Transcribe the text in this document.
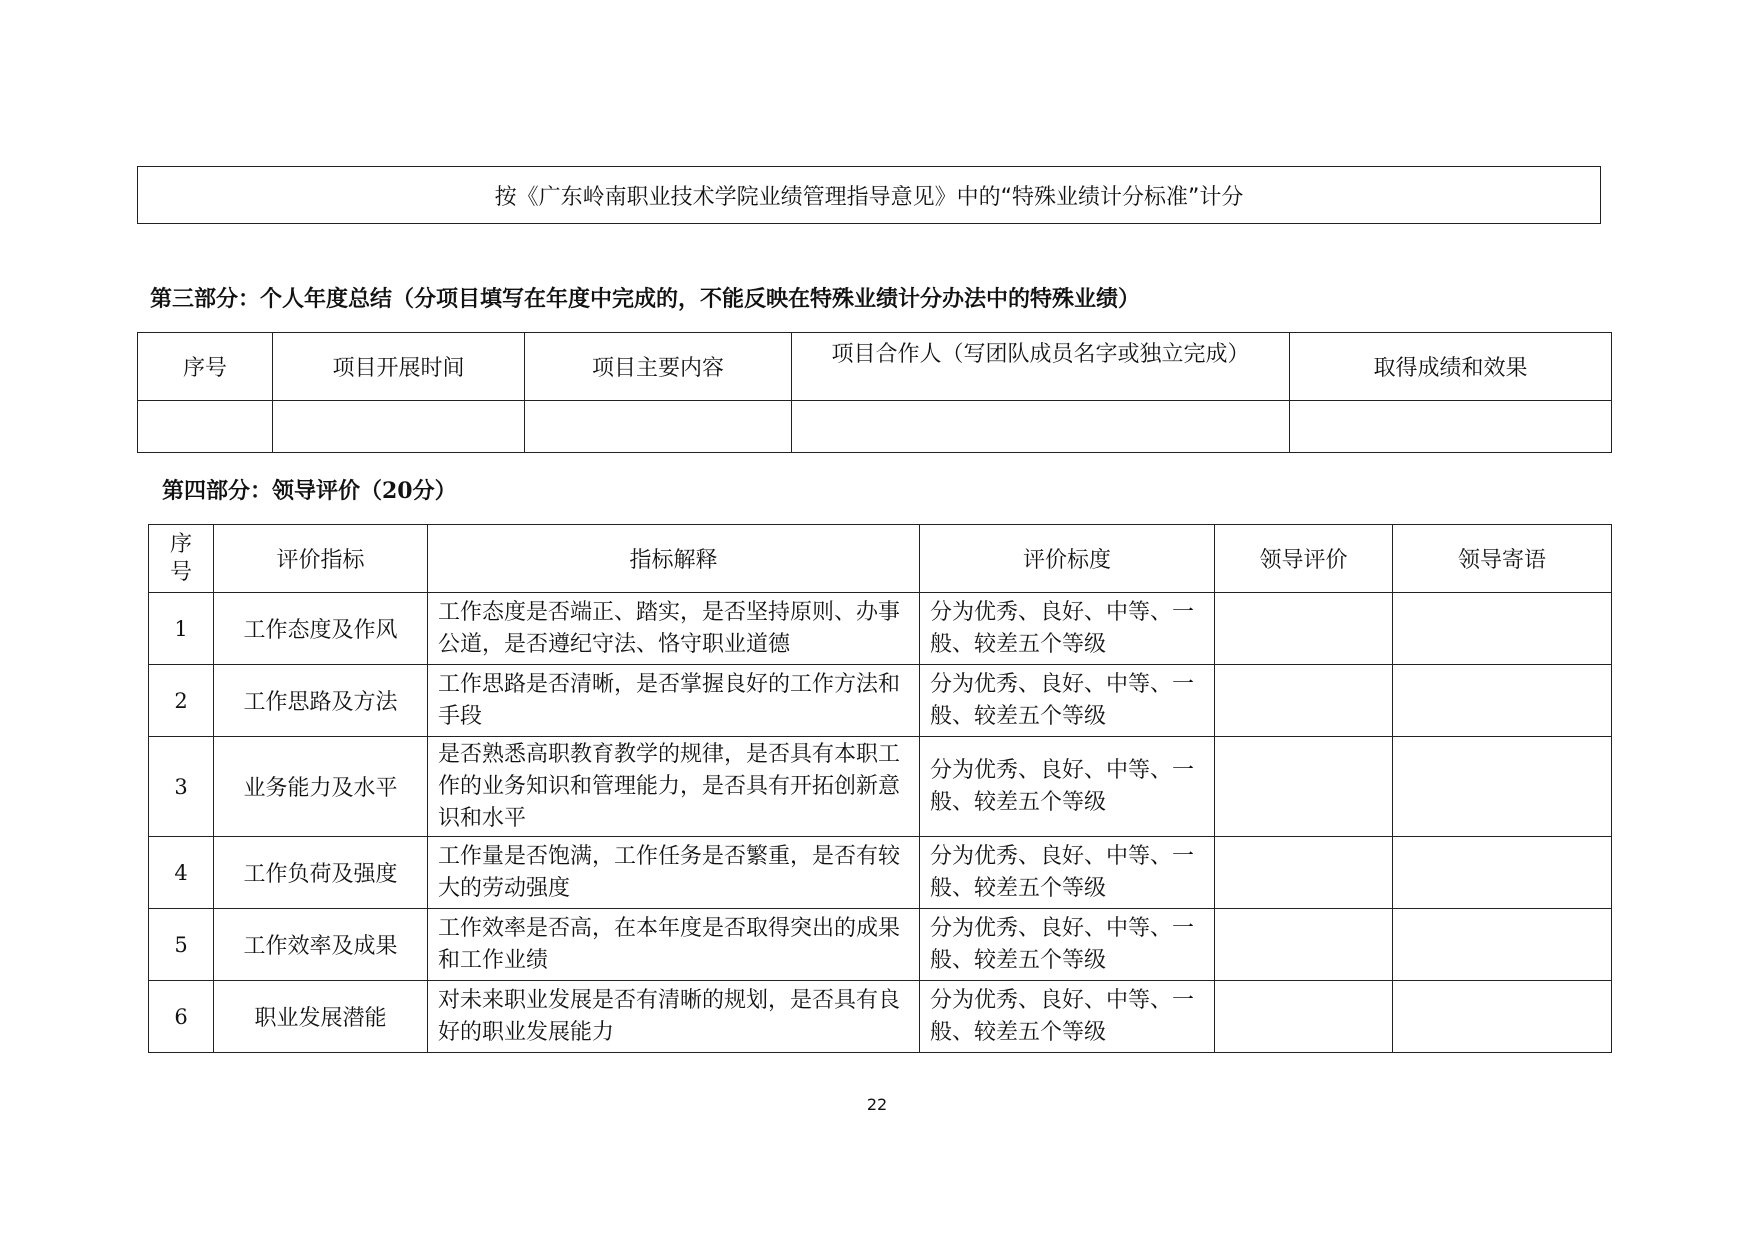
按《广东岭南职业技术学院业绩管理指导意见》中的“特殊业绩计分标准”计分
第三部分：个人年度总结（分项目填写在年度中完成的，不能反映在特殊业绩计分办法中的特殊业绩）
序号	项目开展时间	项目主要内容	项目合作人（写团队成员名字或独立完成）	取得成绩和效果

第四部分：领导评价（20分）
序号	评价指标	指标解释	评价标度	领导评价	领导寄语
1	工作态度及作风	工作态度是否端正、踏实，是否坚持原则、办事公道，是否遵纪守法、恪守职业道德	分为优秀、良好、中等、一般、较差五个等级		
2	工作思路及方法	工作思路是否清晰，是否掌握良好的工作方法和手段	分为优秀、良好、中等、一般、较差五个等级		
3	业务能力及水平	是否熟悉高职教育教学的规律，是否具有本职工作的业务知识和管理能力，是否具有开拓创新意识和水平	分为优秀、良好、中等、一般、较差五个等级		
4	工作负荷及强度	工作量是否饱满，工作任务是否繁重，是否有较大的劳动强度	分为优秀、良好、中等、一般、较差五个等级		
5	工作效率及成果	工作效率是否高，在本年度是否取得突出的成果和工作业绩	分为优秀、良好、中等、一般、较差五个等级		
6	职业发展潜能	对未来职业发展是否有清晰的规划，是否具有良好的职业发展能力	分为优秀、良好、中等、一般、较差五个等级		
22
